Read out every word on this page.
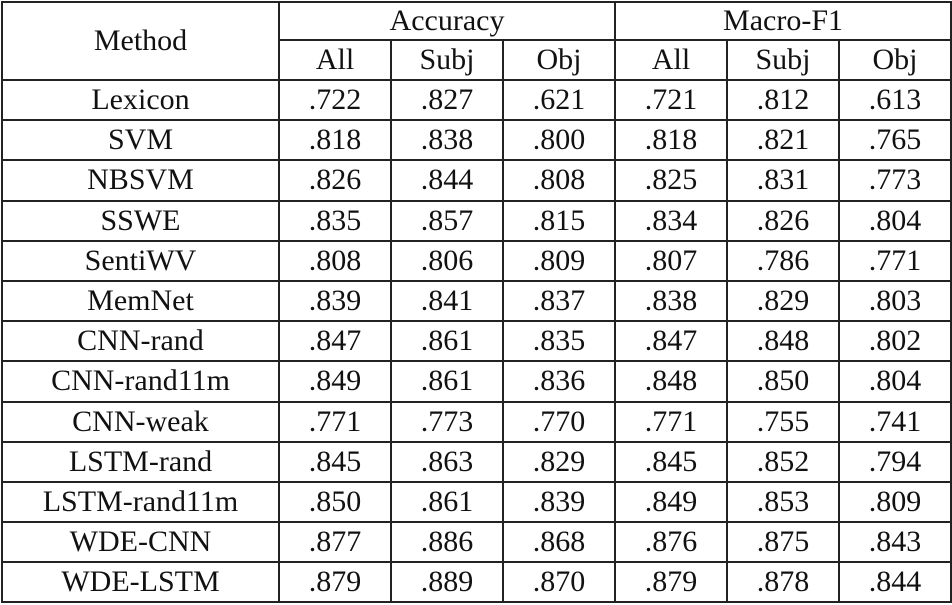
Method	Accuracy			Macro-F1		
	All	Subj	Obj	All	Subj	Obj
Lexicon	.722	.827	.621	.721	.812	.613
SVM	.818	.838	.800	.818	.821	.765
NBSVM	.826	.844	.808	.825	.831	.773
SSWE	.835	.857	.815	.834	.826	.804
SentiWV	.808	.806	.809	.807	.786	.771
MemNet	.839	.841	.837	.838	.829	.803
CNN-rand	.847	.861	.835	.847	.848	.802
CNN-rand11m	.849	.861	.836	.848	.850	.804
CNN-weak	.771	.773	.770	.771	.755	.741
LSTM-rand	.845	.863	.829	.845	.852	.794
LSTM-rand11m	.850	.861	.839	.849	.853	.809
WDE-CNN	.877	.886	.868	.876	.875	.843
WDE-LSTM	.879	.889	.870	.879	.878	.844
